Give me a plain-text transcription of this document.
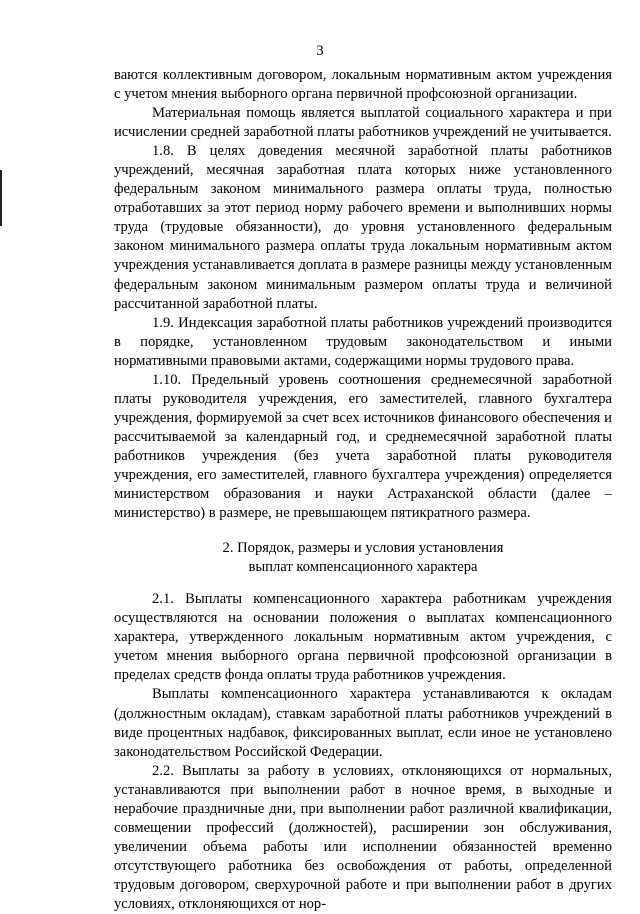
3

ваются коллективным договором, локальным нормативным актом учреждения с учетом мнения выборного органа первичной профсоюзной организации.

Материальная помощь является выплатой социального характера и при исчислении средней заработной платы работников учреждений не учитывается.

1.8. В целях доведения месячной заработной платы работников учреждений, месячная заработная плата которых ниже установленного федеральным законом минимального размера оплаты труда, полностью отработавших за этот период норму рабочего времени и выполнивших нормы труда (трудовые обязанности), до уровня установленного федеральным законом минимального размера оплаты труда локальным нормативным актом учреждения устанавливается доплата в размере разницы между установленным федеральным законом минимальным размером оплаты труда и величиной рассчитанной заработной платы.

1.9. Индексация заработной платы работников учреждений производится в порядке, установленном трудовым законодательством и иными нормативными правовыми актами, содержащими нормы трудового права.

1.10. Предельный уровень соотношения среднемесячной заработной платы руководителя учреждения, его заместителей, главного бухгалтера учреждения, формируемой за счет всех источников финансового обеспечения и рассчитываемой за календарный год, и среднемесячной заработной платы работников учреждения (без учета заработной платы руководителя учреждения, его заместителей, главного бухгалтера учреждения) определяется министерством образования и науки Астраханской области (далее – министерство) в размере, не превышающем пятикратного размера.

2. Порядок, размеры и условия установления

выплат компенсационного характера

2.1. Выплаты компенсационного характера работникам учреждения осуществляются на основании положения о выплатах компенсационного характера, утвержденного локальным нормативным актом учреждения, с учетом мнения выборного органа первичной профсоюзной организации в пределах средств фонда оплаты труда работников учреждения.

Выплаты компенсационного характера устанавливаются к окладам (должностным окладам), ставкам заработной платы работников учреждений в виде процентных надбавок, фиксированных выплат, если иное не установлено законодательством Российской Федерации.

2.2. Выплаты за работу в условиях, отклоняющихся от нормальных, устанавливаются при выполнении работ в ночное время, в выходные и нерабочие праздничные дни, при выполнении работ различной квалификации, совмещении профессий (должностей), расширении зон обслуживания, увеличении объема работы или исполнении обязанностей временно отсутствующего работника без освобождения от работы, определенной трудовым договором, сверхурочной работе и при выполнении работ в других условиях, отклоняющихся от нор-
